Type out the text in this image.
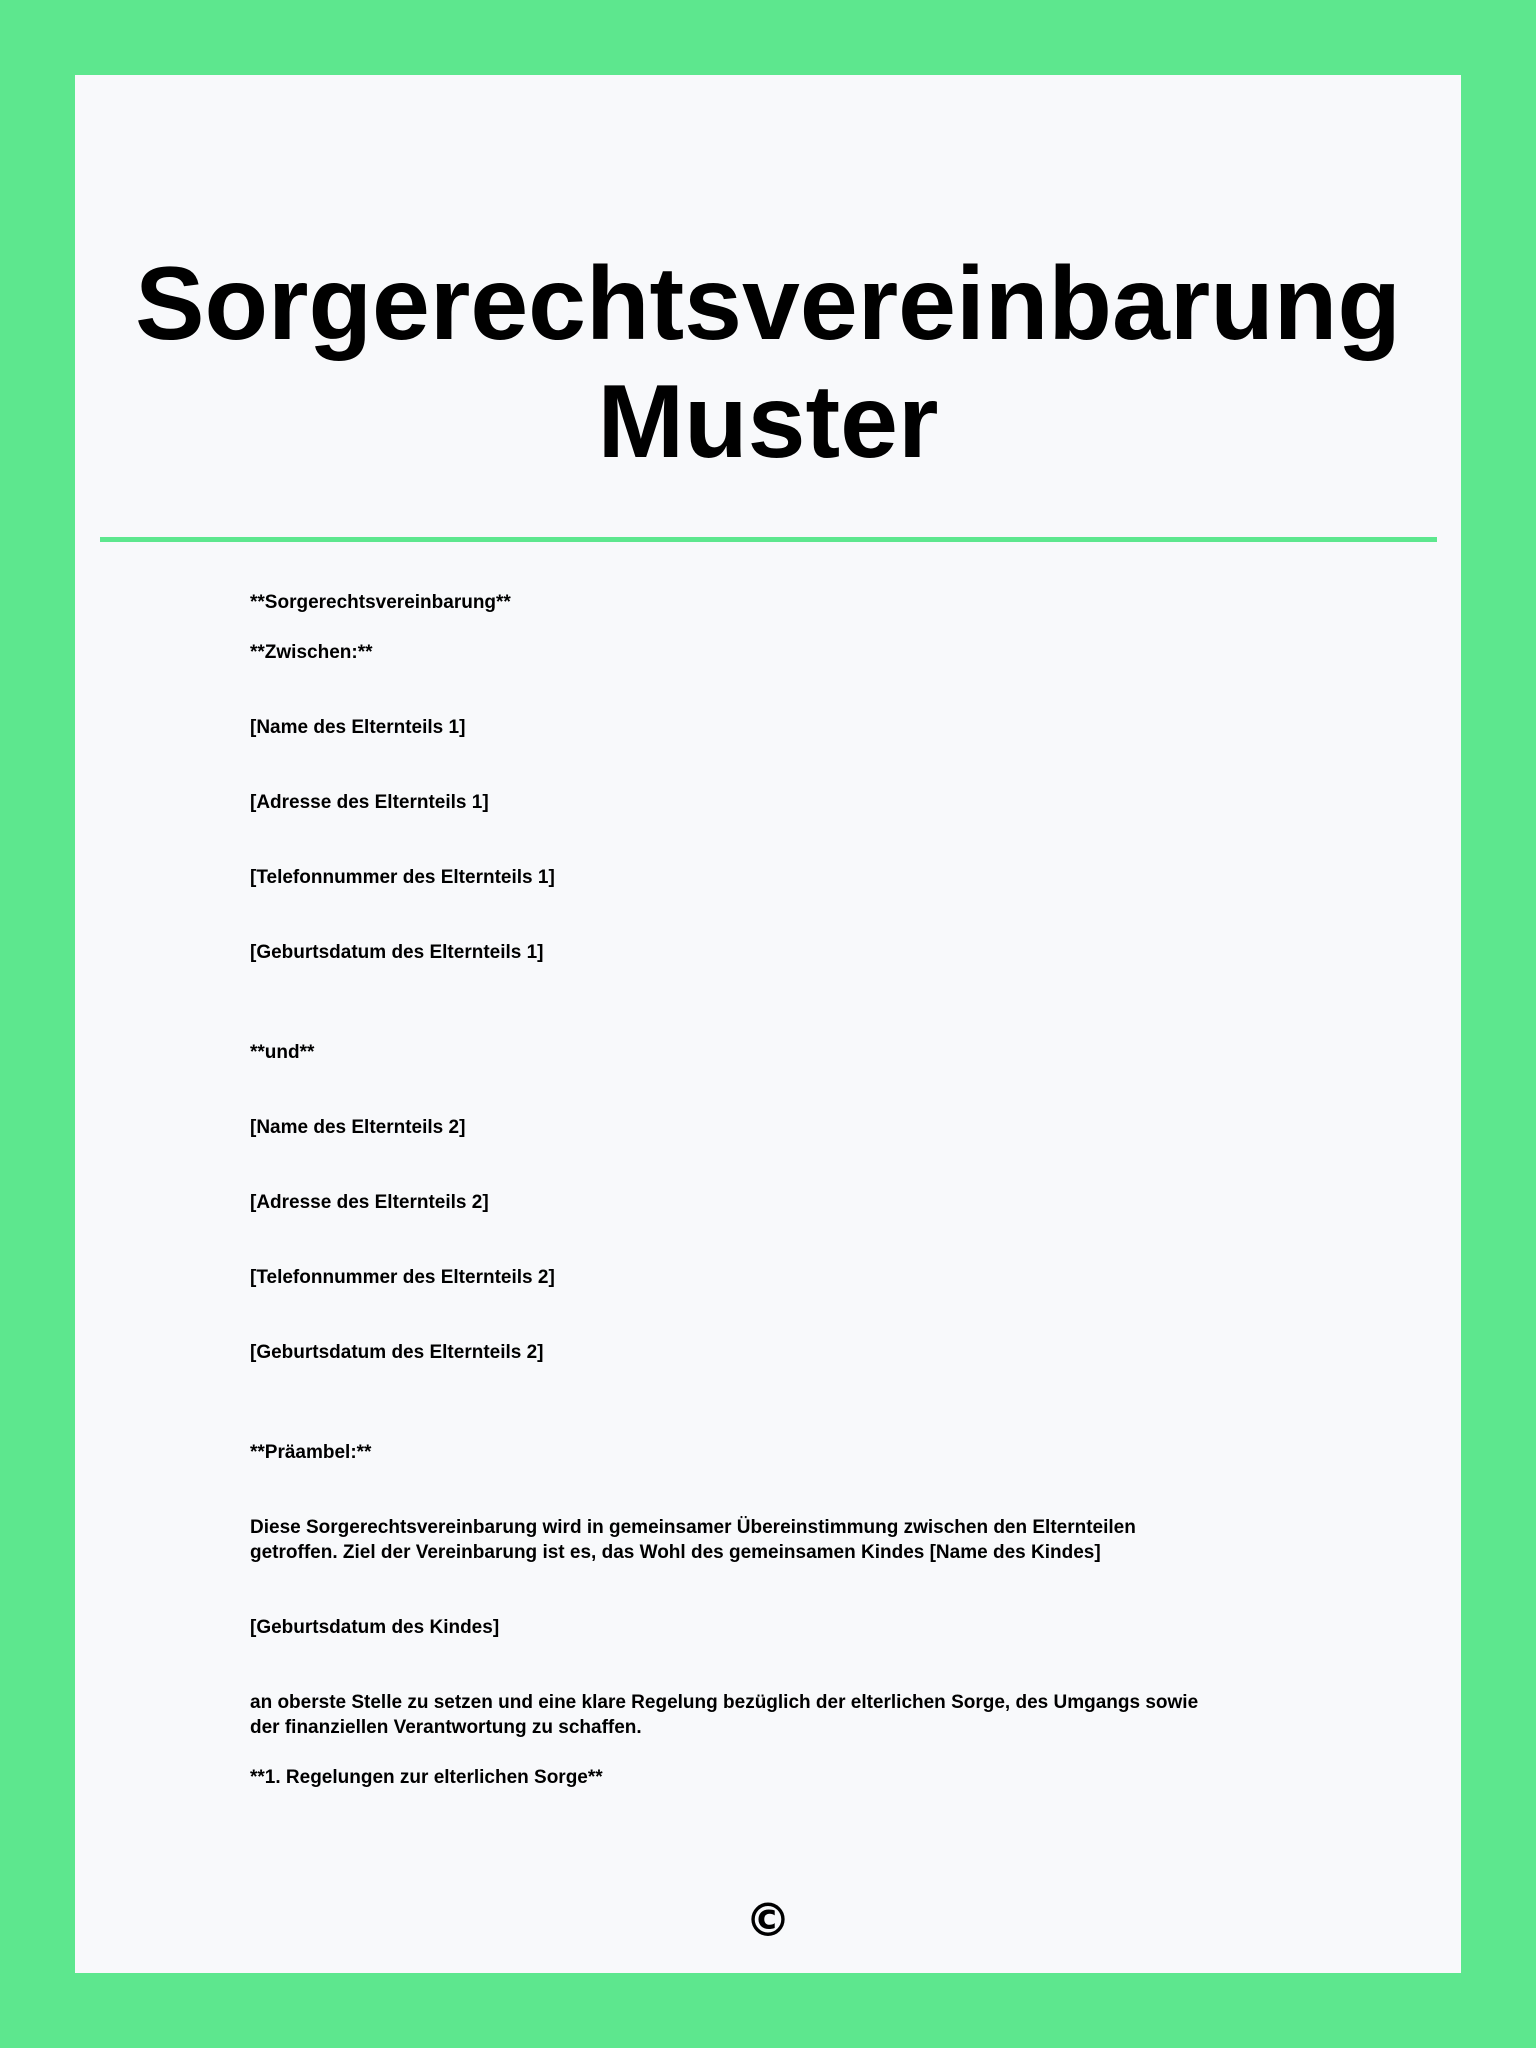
Sorgerechtsvereinbarung
Muster

**Sorgerechtsvereinbarung**

**Zwischen:**

[Name des Elternteils 1]

[Adresse des Elternteils 1]

[Telefonnummer des Elternteils 1]

[Geburtsdatum des Elternteils 1]

**und**

[Name des Elternteils 2]

[Adresse des Elternteils 2]

[Telefonnummer des Elternteils 2]

[Geburtsdatum des Elternteils 2]

**Präambel:**

Diese Sorgerechtsvereinbarung wird in gemeinsamer Übereinstimmung zwischen den Elternteilen

getroffen. Ziel der Vereinbarung ist es, das Wohl des gemeinsamen Kindes [Name des Kindes]

[Geburtsdatum des Kindes]

an oberste Stelle zu setzen und eine klare Regelung bezüglich der elterlichen Sorge, des Umgangs sowie

der finanziellen Verantwortung zu schaffen.

**1. Regelungen zur elterlichen Sorge**

©
